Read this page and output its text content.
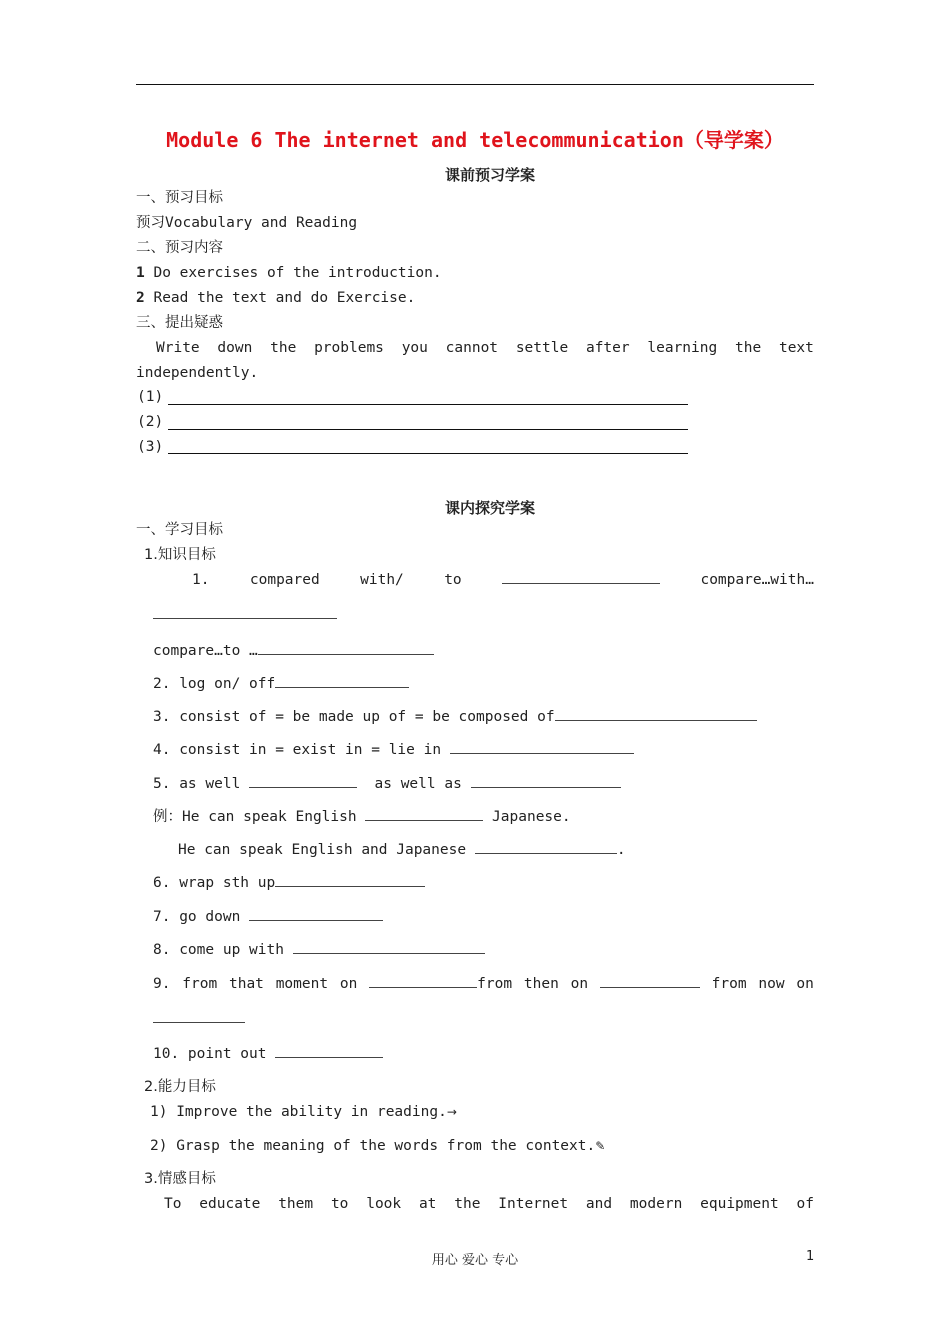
Module 6 The internet and telecommunication（导学案）
课前预习学案
一、预习目标
预习Vocabulary and Reading
二、预习内容
1 Do exercises of the introduction.
2 Read the text and do Exercise.
三、提出疑惑
Write down the problems you cannot settle after learning the text
independently.
(1)
(2)
(3)
课内探究学案
一、学习目标
1.知识目标
1.	compared	with/	to	compare…with…
compare…to …
2. log on/ off
3. consist of = be made up of = be composed of
4. consist in = exist in = lie in
5. as well	as well as
例：He can speak English	Japanese.
He can speak English and Japanese	.
6. wrap sth up
7. go down
8. come up with
9. from that moment on	from then on	from now on
10. point out
2.能力目标
1) Improve the ability in reading.→
2) Grasp the meaning of the words from the context.✎
3.情感目标
To educate them to look at the Internet and modern equipment of
用心 爱心 专心	1
